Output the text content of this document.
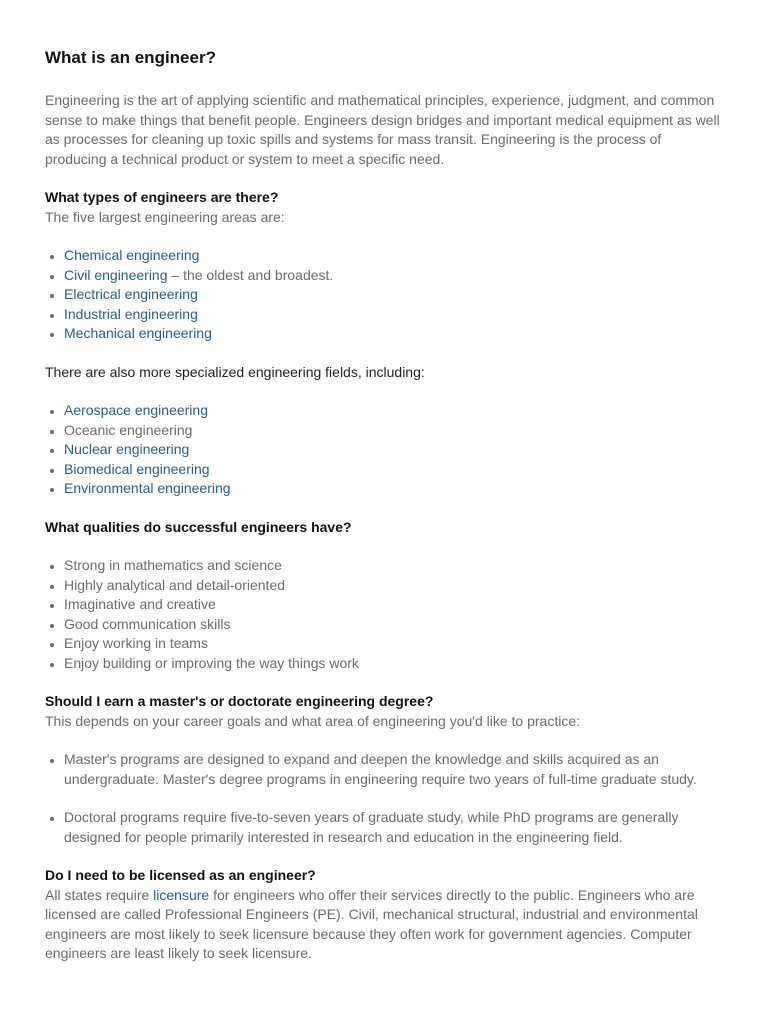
What is an engineer?

Engineering is the art of applying scientific and mathematical principles, experience, judgment, and common sense to make things that benefit people. Engineers design bridges and important medical equipment as well as processes for cleaning up toxic spills and systems for mass transit. Engineering is the process of producing a technical product or system to meet a specific need.

What types of engineers are there?

The five largest engineering areas are:

• Chemical engineering
• Civil engineering – the oldest and broadest.
• Electrical engineering
• Industrial engineering
• Mechanical engineering

There are also more specialized engineering fields, including:

• Aerospace engineering
• Oceanic engineering
• Nuclear engineering
• Biomedical engineering
• Environmental engineering

What qualities do successful engineers have?

• Strong in mathematics and science
• Highly analytical and detail-oriented
• Imaginative and creative
• Good communication skills
• Enjoy working in teams
• Enjoy building or improving the way things work

Should I earn a master's or doctorate engineering degree?

This depends on your career goals and what area of engineering you'd like to practice:

• Master's programs are designed to expand and deepen the knowledge and skills acquired as an undergraduate. Master's degree programs in engineering require two years of full-time graduate study.
• Doctoral programs require five-to-seven years of graduate study, while PhD programs are generally designed for people primarily interested in research and education in the engineering field.

Do I need to be licensed as an engineer?

All states require licensure for engineers who offer their services directly to the public. Engineers who are licensed are called Professional Engineers (PE). Civil, mechanical structural, industrial and environmental engineers are most likely to seek licensure because they often work for government agencies. Computer engineers are least likely to seek licensure.
